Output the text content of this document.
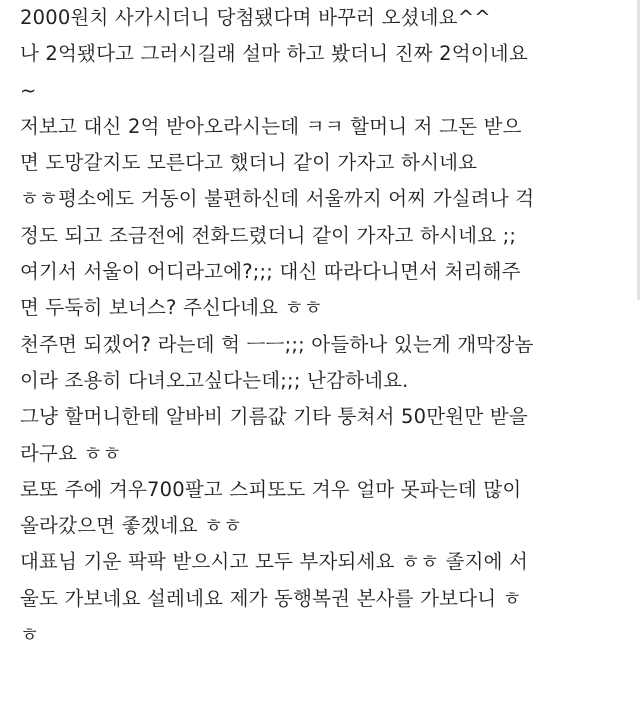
2000원치 사가시더니 당첨됐다며 바꾸러 오셨네요^^
나 2억됐다고 그러시길래 설마 하고 봤더니 진짜 2억이네요
~
저보고 대신 2억 받아오라시는데 ㅋㅋ 할머니 저 그돈 받으
면 도망갈지도 모른다고 했더니 같이 가자고 하시네요
ㅎㅎ평소에도 거동이 불편하신데 서울까지 어찌 가실려나 걱
정도 되고 조금전에 전화드렸더니 같이 가자고 하시네요 ;;
여기서 서울이 어디라고에?;;; 대신 따라다니면서 처리해주
면 두둑히 보너스? 주신다네요 ㅎㅎ
천주면 되겠어? 라는데 헉 ㅡㅡ;;; 아들하나 있는게 개막장놈
이라 조용히 다녀오고싶다는데;;; 난감하네요.
그냥 할머니한테 알바비 기름값 기타 퉁쳐서 50만원만 받을
라구요 ㅎㅎ
로또 주에 겨우700팔고 스피또도 겨우 얼마 못파는데 많이
올라갔으면 좋겠네요 ㅎㅎ
대표님 기운 팍팍 받으시고 모두 부자되세요 ㅎㅎ 졸지에 서
울도 가보네요 설레네요 제가 동행복권 본사를 가보다니 ㅎ
ㅎ
